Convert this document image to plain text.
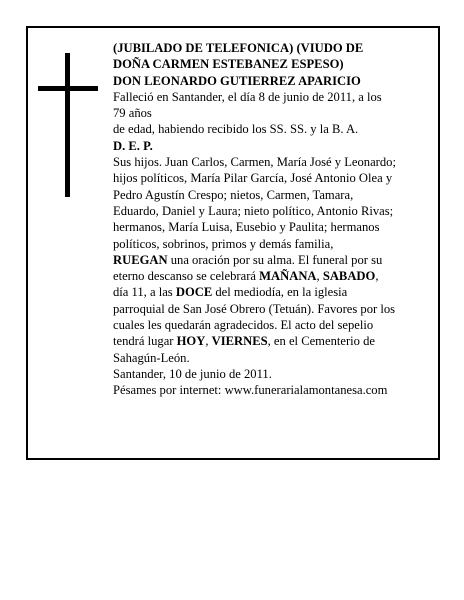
(JUBILADO DE TELEFONICA) (VIUDO DE
DOÑA CARMEN ESTEBANEZ ESPESO)
DON LEONARDO GUTIERREZ APARICIO
Falleció en Santander, el día 8 de junio de 2011, a los
79 años
de edad, habiendo recibido los SS. SS. y la B. A.
D. E. P.
Sus hijos. Juan Carlos, Carmen, María José y Leonardo;
hijos políticos, María Pilar García, José Antonio Olea y
Pedro Agustín Crespo; nietos, Carmen, Tamara,
Eduardo, Daniel y Laura; nieto político, Antonio Rivas;
hermanos, María Luisa, Eusebio y Paulita; hermanos
políticos, sobrinos, primos y demás familia,
RUEGAN una oración por su alma. El funeral por su
eterno descanso se celebrará MAÑANA, SABADO,
día 11, a las DOCE del mediodía, en la iglesia
parroquial de San José Obrero (Tetuán). Favores por los
cuales les quedarán agradecidos. El acto del sepelio
tendrá lugar HOY, VIERNES, en el Cementerio de
Sahagún-León.
Santander, 10 de junio de 2011.
Pésames por internet: www.funerarialamontanesa.com
